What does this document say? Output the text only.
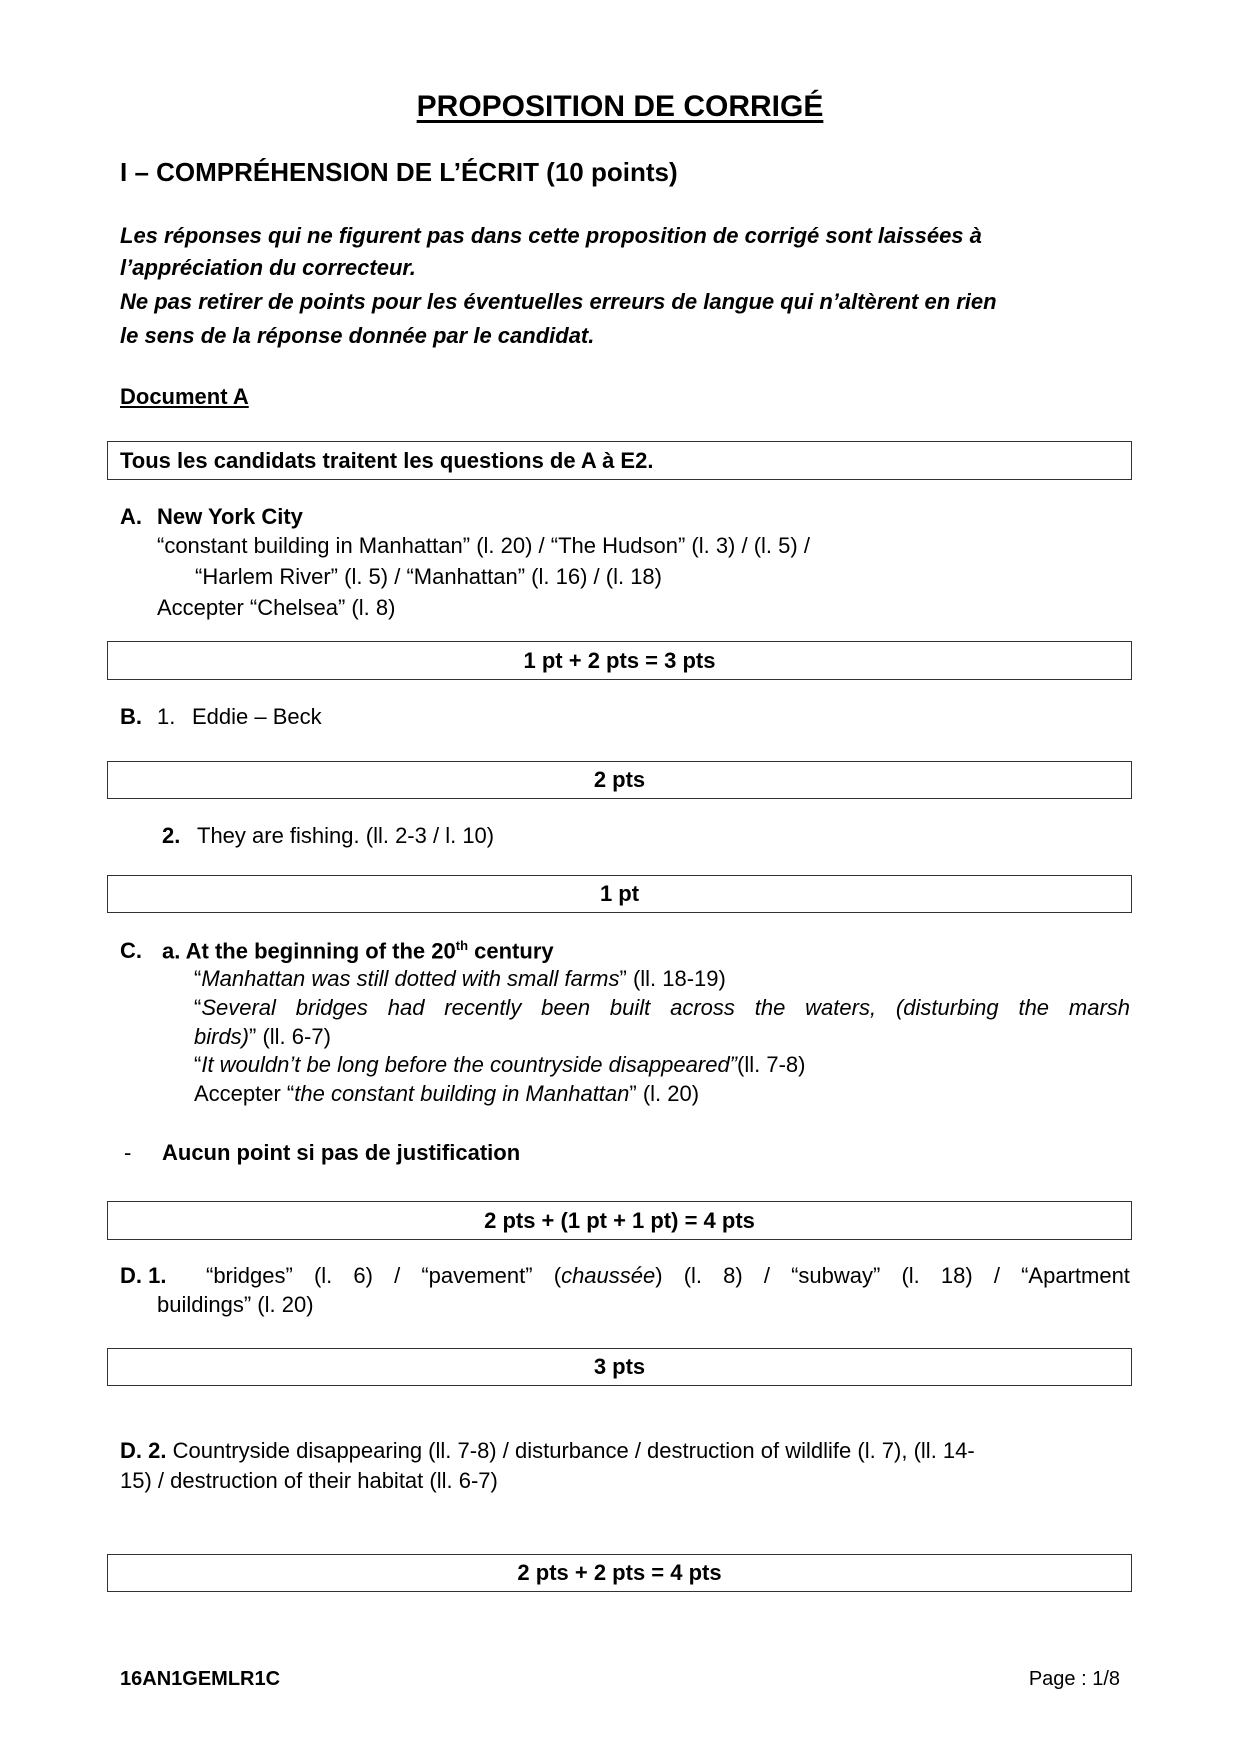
PROPOSITION DE CORRIGÉ
I – COMPRÉHENSION DE L’ÉCRIT (10 points)
Les réponses qui ne figurent pas dans cette proposition de corrigé sont laissées à
l’appréciation du correcteur.
Ne pas retirer de points pour les éventuelles erreurs de langue qui n’altèrent en rien
le sens de la réponse donnée par le candidat.
Document A
Tous les candidats traitent les questions de A à E2.
A. New York City
“constant building in Manhattan” (l. 20) / “The Hudson” (l. 3) / (l. 5) /
“Harlem River” (l. 5) / “Manhattan” (l. 16) / (l. 18)
Accepter “Chelsea” (l. 8)
1 pt + 2 pts = 3 pts
B. 1. Eddie – Beck
2 pts
2. They are fishing. (ll. 2-3 / l. 10)
1 pt
C. a. At the beginning of the 20th century
“Manhattan was still dotted with small farms” (ll. 18-19)
“ Several bridges had recently been built across the waters, (disturbing the marsh
birds)” (ll. 6-7)
“It wouldn’t be long before the countryside disappeared”(ll. 7-8)
Accepter “the constant building in Manhattan” (l. 20)
- Aucun point si pas de justification
2 pts + (1 pt + 1 pt) = 4 pts
D. 1. “bridges” (l. 6) / “pavement” (chaussée) (l. 8) / “subway” (l. 18) / “Apartment
buildings” (l. 20)
3 pts
D. 2. Countryside disappearing (ll. 7-8) / disturbance / destruction of wildlife (l. 7), (ll. 14-
15) / destruction of their habitat (ll. 6-7)
2 pts + 2 pts = 4 pts
16AN1GEMLR1C	Page : 1/8
